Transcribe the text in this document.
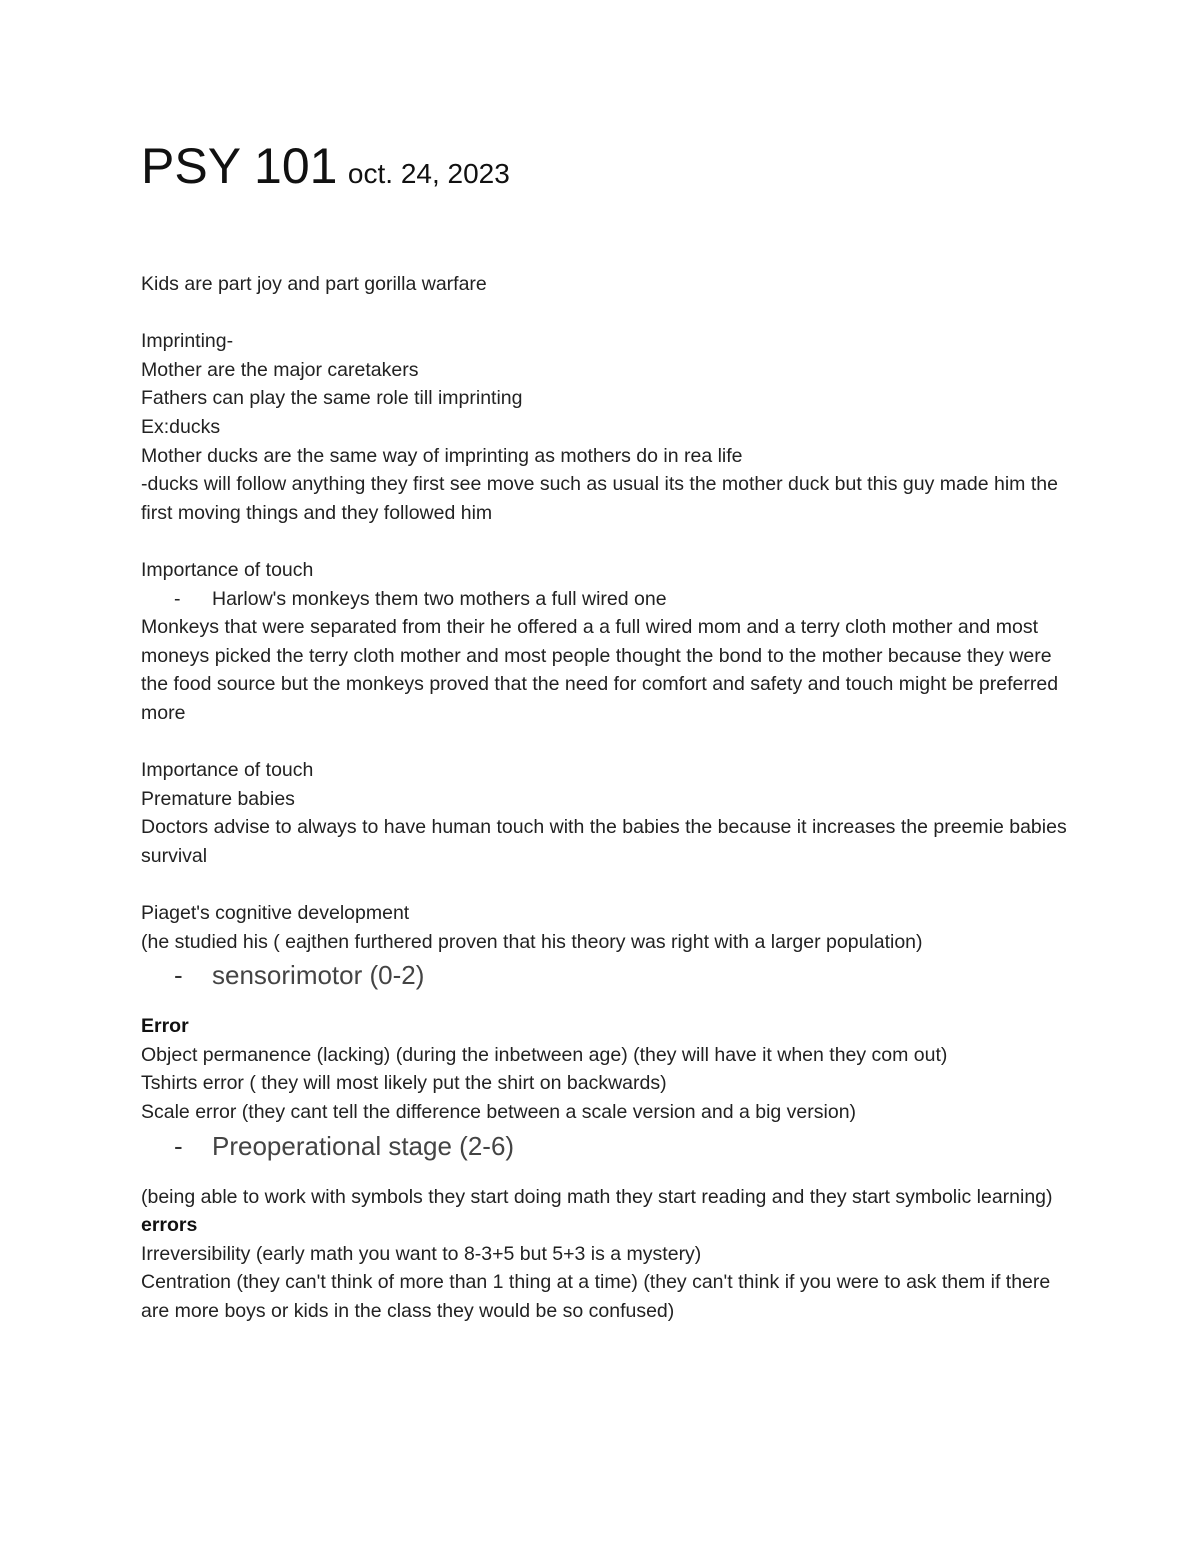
PSY 101 oct. 24, 2023

Kids are part joy and part gorilla warfare

Imprinting-

Mother are the major caretakers

Fathers can play the same role till imprinting

Ex:ducks

Mother ducks are the same way of imprinting as mothers do in rea life

-ducks will follow anything they first see move such as usual its the mother duck but this guy made him the first moving things and they followed him

Importance of touch

- Harlow's monkeys them two mothers a full wired one

Monkeys that were separated from their he offered a a full wired mom and a terry cloth mother and most moneys picked the terry cloth mother and most people thought the bond to the mother because they were the food source but the monkeys proved that the need for comfort and safety and touch might be preferred more

Importance of touch

Premature babies

Doctors advise to always to have human touch with the babies the because it increases the preemie babies survival

Piaget's cognitive development

(he studied his ( eajthen furthered proven that his theory was right with a larger population)

- sensorimotor (0-2)

Error

Object permanence (lacking) (during the inbetween age) (they will have it when they com out)

Tshirts error ( they will most likely put the shirt on backwards)

Scale error (they cant tell the difference between a scale version and a big version)

- Preoperational stage (2-6)

(being able to work with symbols they start doing math they start reading and they start symbolic learning)

errors

Irreversibility (early math you want to 8-3+5 but 5+3 is a mystery)

Centration (they can't think of more than 1 thing at a time) (they can't think if you were to ask them if there are more boys or kids in the class they would be so confused)
